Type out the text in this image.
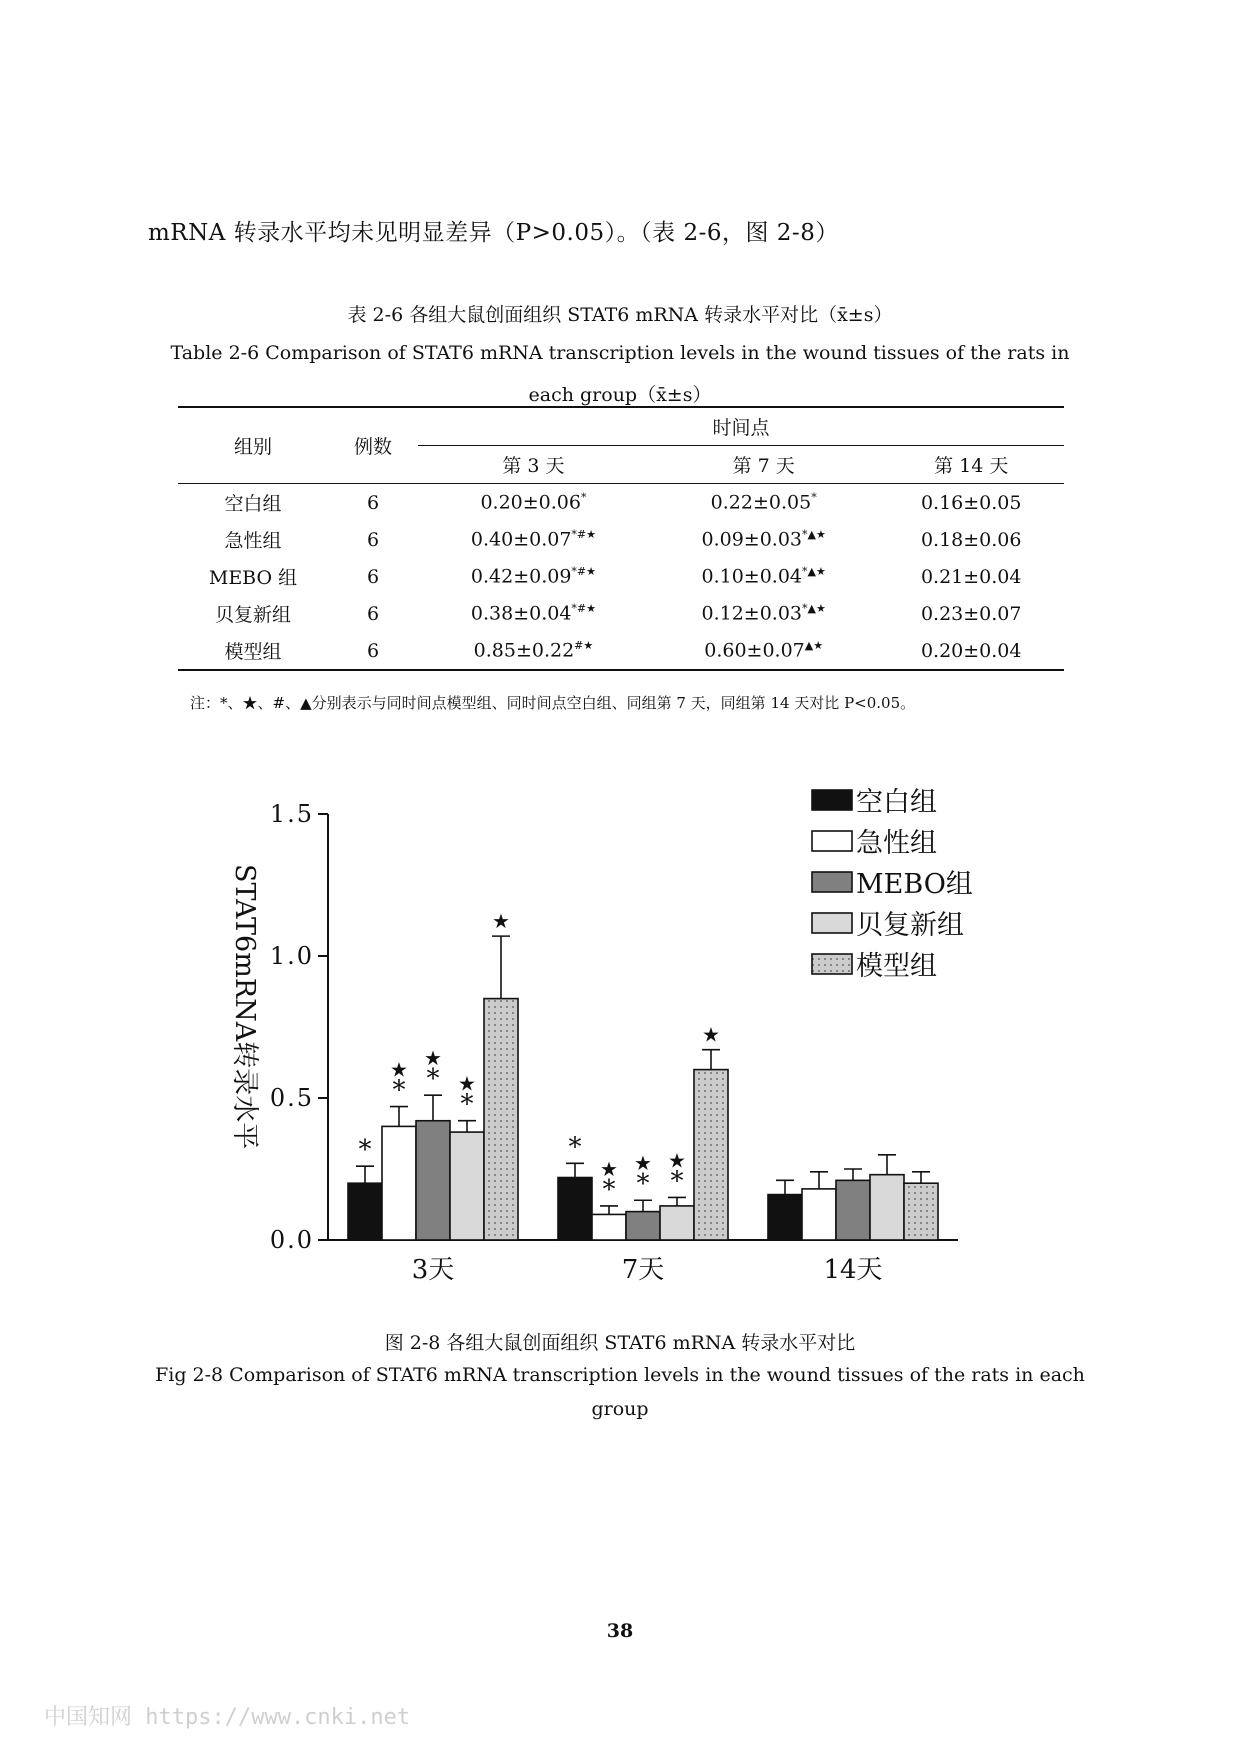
mRNA 转录水平均未见明显差异（P>0.05）。（表 2-6，图 2-8）
表 2-6 各组大鼠创面组织 STAT6 mRNA 转录水平对比（x̄±s）
Table 2-6 Comparison of STAT6 mRNA transcription levels in the wound tissues of the rats in
each group（x̄±s）
组别	例数	时间点		
		第 3 天	第 7 天	第 14 天
空白组	6	0.20±0.06*	0.22±0.05*	0.16±0.05
急性组	6	0.40±0.07*#★	0.09±0.03*▲★	0.18±0.06
MEBO 组	6	0.42±0.09*#★	0.10±0.04*▲★	0.21±0.04
贝复新组	6	0.38±0.04*#★	0.12±0.03*▲★	0.23±0.07
模型组	6	0.85±0.22#★	0.60±0.07▲★	0.20±0.04
注：*、★、#、▲分别表示与同时间点模型组、同时间点空白组、同组第 7 天，同组第 14 天对比 P<0.05。
0.0
0.5
1.0
1.5
STAT6mRNA转录水平
3天	7天	14天
*
*
★ *
★
*
★
★
*
*
★
*
★
*
★
★
空白组
急性组
MEBO组
贝复新组
模型组
图 2-8 各组大鼠创面组织 STAT6 mRNA 转录水平对比
Fig 2-8 Comparison of STAT6 mRNA transcription levels in the wound tissues of the rats in each
group
38
中国知网 https://www.cnki.net
